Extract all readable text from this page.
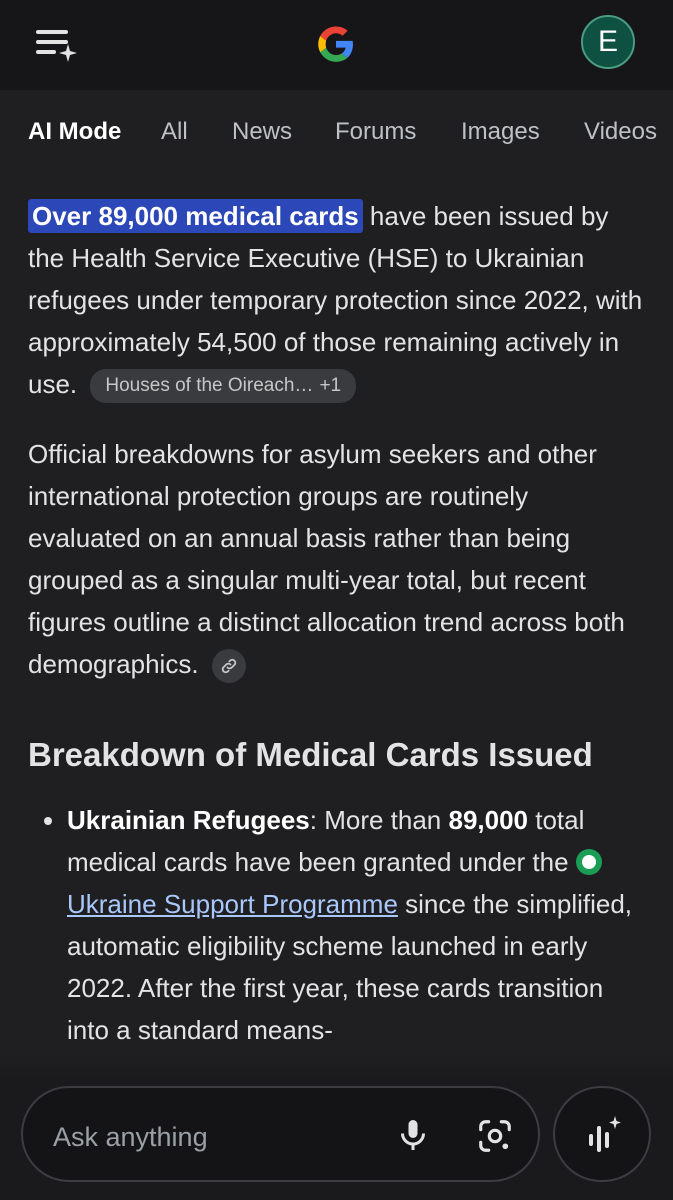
E
AI Mode All News Forums Images Videos

Over 89,000 medical cards have been issued by the Health Service Executive (HSE) to Ukrainian refugees under temporary protection since 2022, with approximately 54,500 of those remaining actively in use. Houses of the Oireach… +1

Official breakdowns for asylum seekers and other international protection groups are routinely evaluated on an annual basis rather than being grouped as a singular multi-year total, but recent figures outline a distinct allocation trend across both demographics.

Breakdown of Medical Cards Issued
• Ukrainian Refugees: More than 89,000 total medical cards have been granted under the Ukraine Support Programme since the simplified, automatic eligibility scheme launched in early 2022. After the first year, these cards transition into a standard means-
Ask anything
